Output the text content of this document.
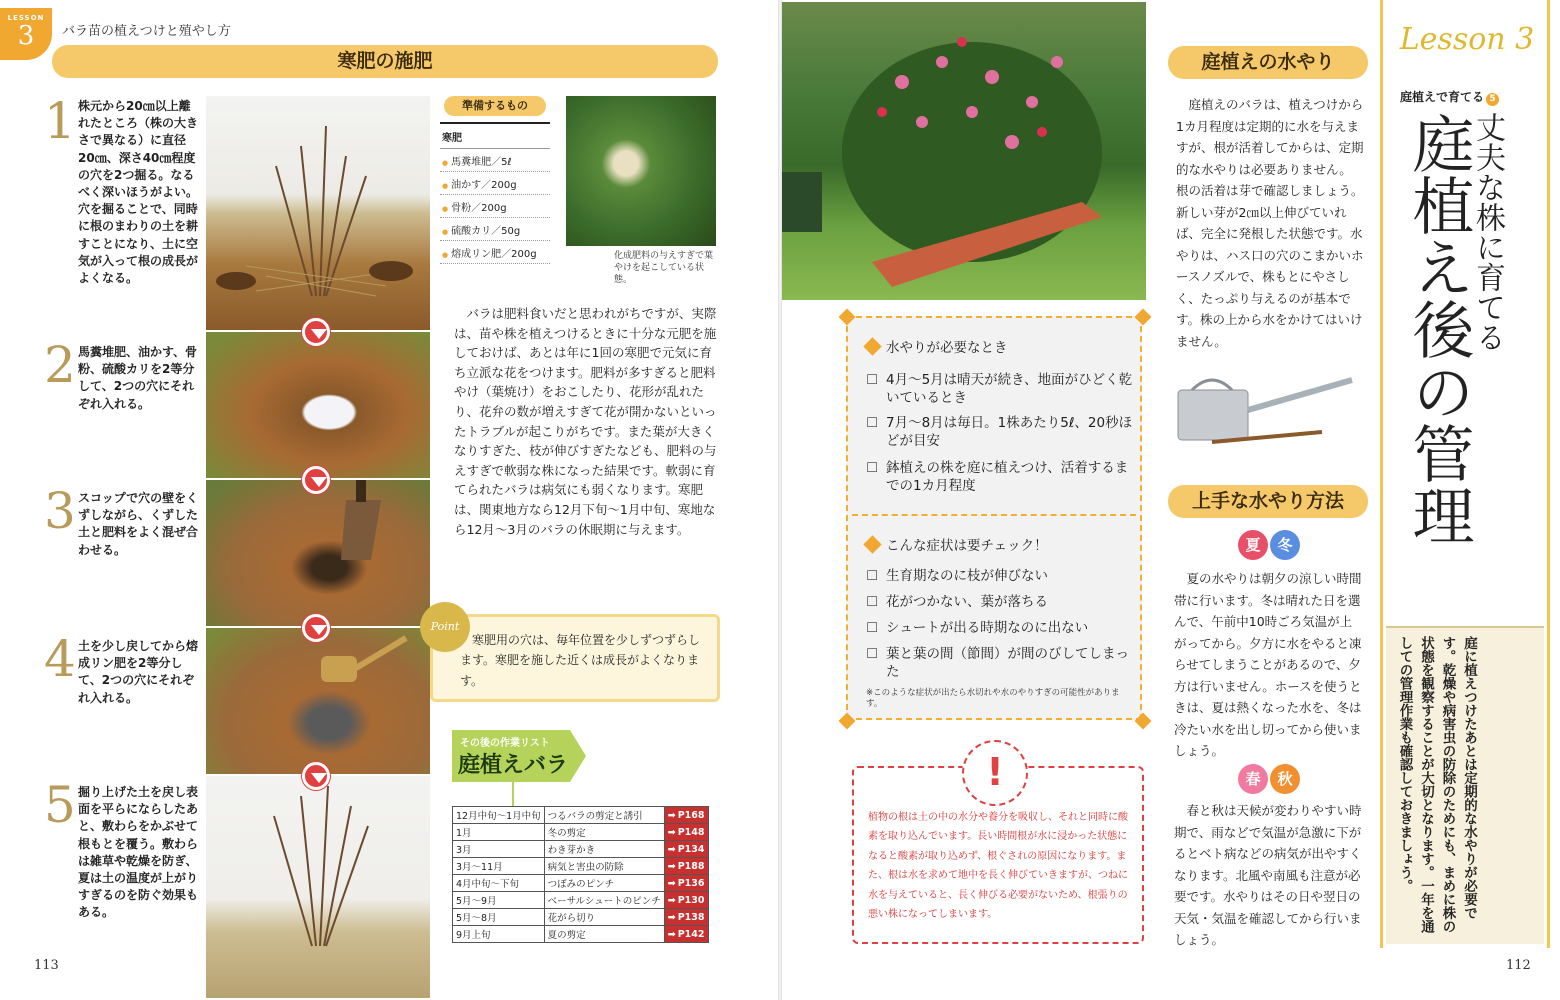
LESSON
3	バラ苗の植えつけと殖やし方
寒肥の施肥
1 株元から20㎝以上離れたところ（株の大きさで異なる）に直径20㎝、深さ40㎝程度の穴を2つ掘る。なるべく深いほうがよい。穴を掘ることで、同時に根のまわりの土を耕すことになり、土に空気が入って根の成長がよくなる。
2 馬糞堆肥、油かす、骨粉、硫酸カリを2等分して、2つの穴にそれぞれ入れる。
3 スコップで穴の壁をくずしながら、くずした土と肥料をよく混ぜ合わせる。
4 土を少し戻してから熔成リン肥を2等分して、2つの穴にそれぞれ入れる。
5 掘り上げた土を戻し表面を平らにならしたあと、敷わらをかぶせて根もとを覆う。敷わらは雑草や乾燥を防ぎ、夏は土の温度が上がりすぎるのを防ぐ効果もある。
準備するもの
寒肥
● 馬糞堆肥／5ℓ
● 油かす／200g
● 骨粉／200g
● 硫酸カリ／50g
● 熔成リン肥／200g	化成肥料の与えすぎで葉やけを起こしている状態。
バラは肥料食いだと思われがちですが、実際は、苗や株を植えつけるときに十分な元肥を施しておけば、あとは年に1回の寒肥で元気に育ち立派な花をつけます。肥料が多すぎると肥料やけ（葉焼け）をおこしたり、花形が乱れたり、花弁の数が増えすぎて花が開かないといったトラブルが起こりがちです。また葉が大きくなりすぎた、枝が伸びすぎたなども、肥料の与えすぎで軟弱な株になった結果です。軟弱に育てられたバラは病気にも弱くなります。寒肥は、関東地方なら12月下旬～1月中旬、寒地なら12月～3月のバラの休眠期に与えます。
Point
寒肥用の穴は、毎年位置を少しずつずらします。寒肥を施した近くは成長がよくなります。
その後の作業リスト
庭植えバラ
12月中旬～1月中旬	つるバラの剪定と誘引	➡ P168
1月	冬の剪定	➡ P148
3月	わき芽かき	➡ P134
3月～11月	病気と害虫の防除	➡ P188
4月中旬～下旬	つぼみのピンチ	➡ P136
5月～9月	ベーサルシュートのピンチ	➡ P130
5月～8月	花がら切り	➡ P138
9月上旬	夏の剪定	➡ P142
113
庭植えの水やり
庭植えのバラは、植えつけから1カ月程度は定期的に水を与えますが、根が活着してからは、定期的な水やりは必要ありません。根の活着は芽で確認しましょう。新しい芽が2㎝以上伸びていれば、完全に発根した状態です。水やりは、ハス口の穴のこまかいホースノズルで、株もとにやさしく、たっぷり与えるのが基本です。株の上から水をかけてはいけません。
水やりが必要なとき
☐ 4月～5月は晴天が続き、地面がひどく乾いているとき
☐ 7月～8月は毎日。1株あたり5ℓ、20秒ほどが目安
☐ 鉢植えの株を庭に植えつけ、活着するまでの1カ月程度
こんな症状は要チェック！
☐ 生育期なのに枝が伸びない
☐ 花がつかない、葉が落ちる
☐ シュートが出る時期なのに出ない
☐ 葉と葉の間（節間）が間のびしてしまった
※このような症状が出たら水切れや水のやりすぎの可能性があります。
!
植物の根は土の中の水分や養分を吸収し、それと同時に酸素を取り込んでいます。長い時間根が水に浸かった状態になると酸素が取り込めず、根ぐされの原因になります。また、根は水を求めて地中を長く伸びていきますが、つねに水を与えていると、長く伸びる必要がないため、根張りの悪い株になってしまいます。
上手な水やり方法
夏	冬
夏の水やりは朝夕の涼しい時間帯に行います。冬は晴れた日を選んで、午前中10時ごろ気温が上がってから。夕方に水をやると凍らせてしまうことがあるので、夕方は行いません。ホースを使うときは、夏は熱くなった水を、冬は冷たい水を出し切ってから使いましょう。
春	秋
春と秋は天候が変わりやすい時期で、雨などで気温が急激に下がるとベト病などの病気が出やすくなります。北風や南風も注意が必要です。水やりはその日や翌日の天気・気温を確認してから行いましょう。
Lesson 3
庭植えで育てる 5
丈夫な株に育てる
庭植え後の管理
庭に植えつけたあとは定期的な水やりが必要です。乾燥や病害虫の防除のためにも、まめに株の状態を観察することが大切となります。一年を通しての管理作業も確認しておきましょう。
112
